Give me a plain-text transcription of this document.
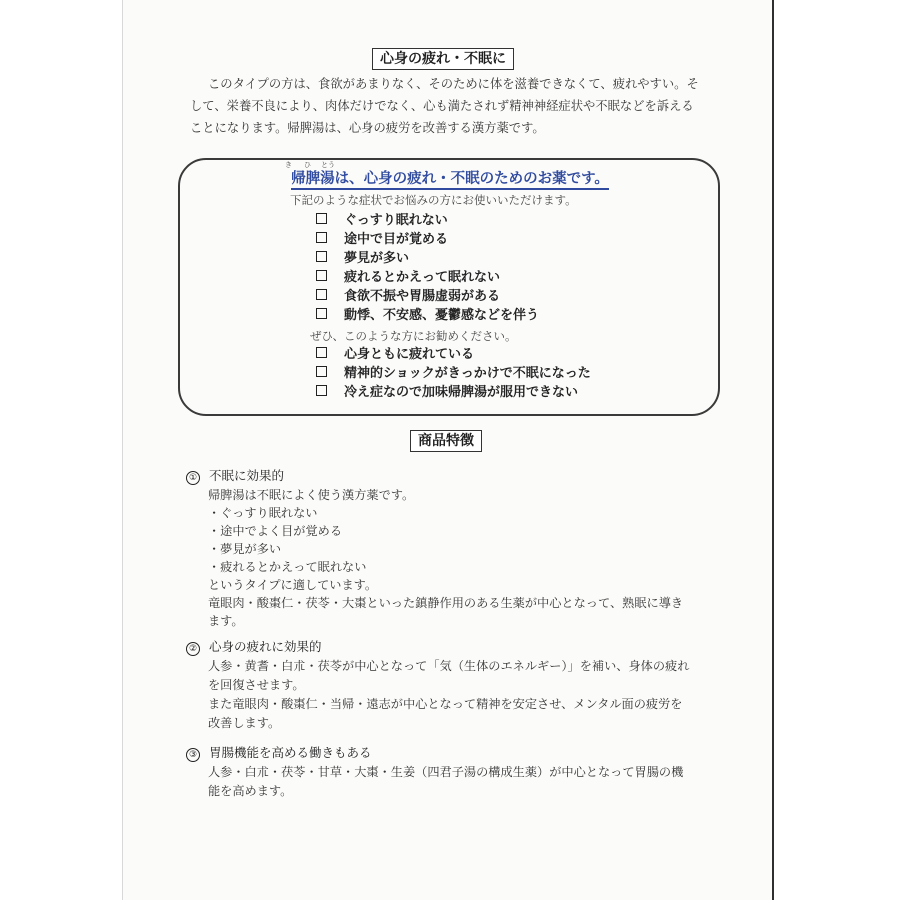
心身の疲れ・不眠に
このタイプの方は、食欲があまりなく、そのために体を滋養できなくて、疲れやすい。そ
して、栄養不良により、肉体だけでなく、心も満たされず精神神経症状や不眠などを訴える
ことになります。帰脾湯は、心身の疲労を改善する漢方薬です。
き ひ とう
帰脾湯は、心身の疲れ・不眠のためのお薬です。
下記のような症状でお悩みの方にお使いいただけます。
ぐっすり眠れない
途中で目が覚める
夢見が多い
疲れるとかえって眠れない
食欲不振や胃腸虚弱がある
動悸、不安感、憂鬱感などを伴う
ぜひ、このような方にお勧めください。
心身ともに疲れている
精神的ショックがきっかけで不眠になった
冷え症なので加味帰脾湯が服用できない
商品特徴
① 不眠に効果的
帰脾湯は不眠によく使う漢方薬です。
・ぐっすり眠れない
・途中でよく目が覚める
・夢見が多い
・疲れるとかえって眠れない
というタイプに適しています。
竜眼肉・酸棗仁・茯苓・大棗といった鎮静作用のある生薬が中心となって、熟眠に導き
ます。
② 心身の疲れに効果的
人参・黄耆・白朮・茯苓が中心となって「気（生体のエネルギー）」を補い、身体の疲れ
を回復させます。
また竜眼肉・酸棗仁・当帰・遠志が中心となって精神を安定させ、メンタル面の疲労を
改善します。
③ 胃腸機能を高める働きもある
人参・白朮・茯苓・甘草・大棗・生姜（四君子湯の構成生薬）が中心となって胃腸の機
能を高めます。
